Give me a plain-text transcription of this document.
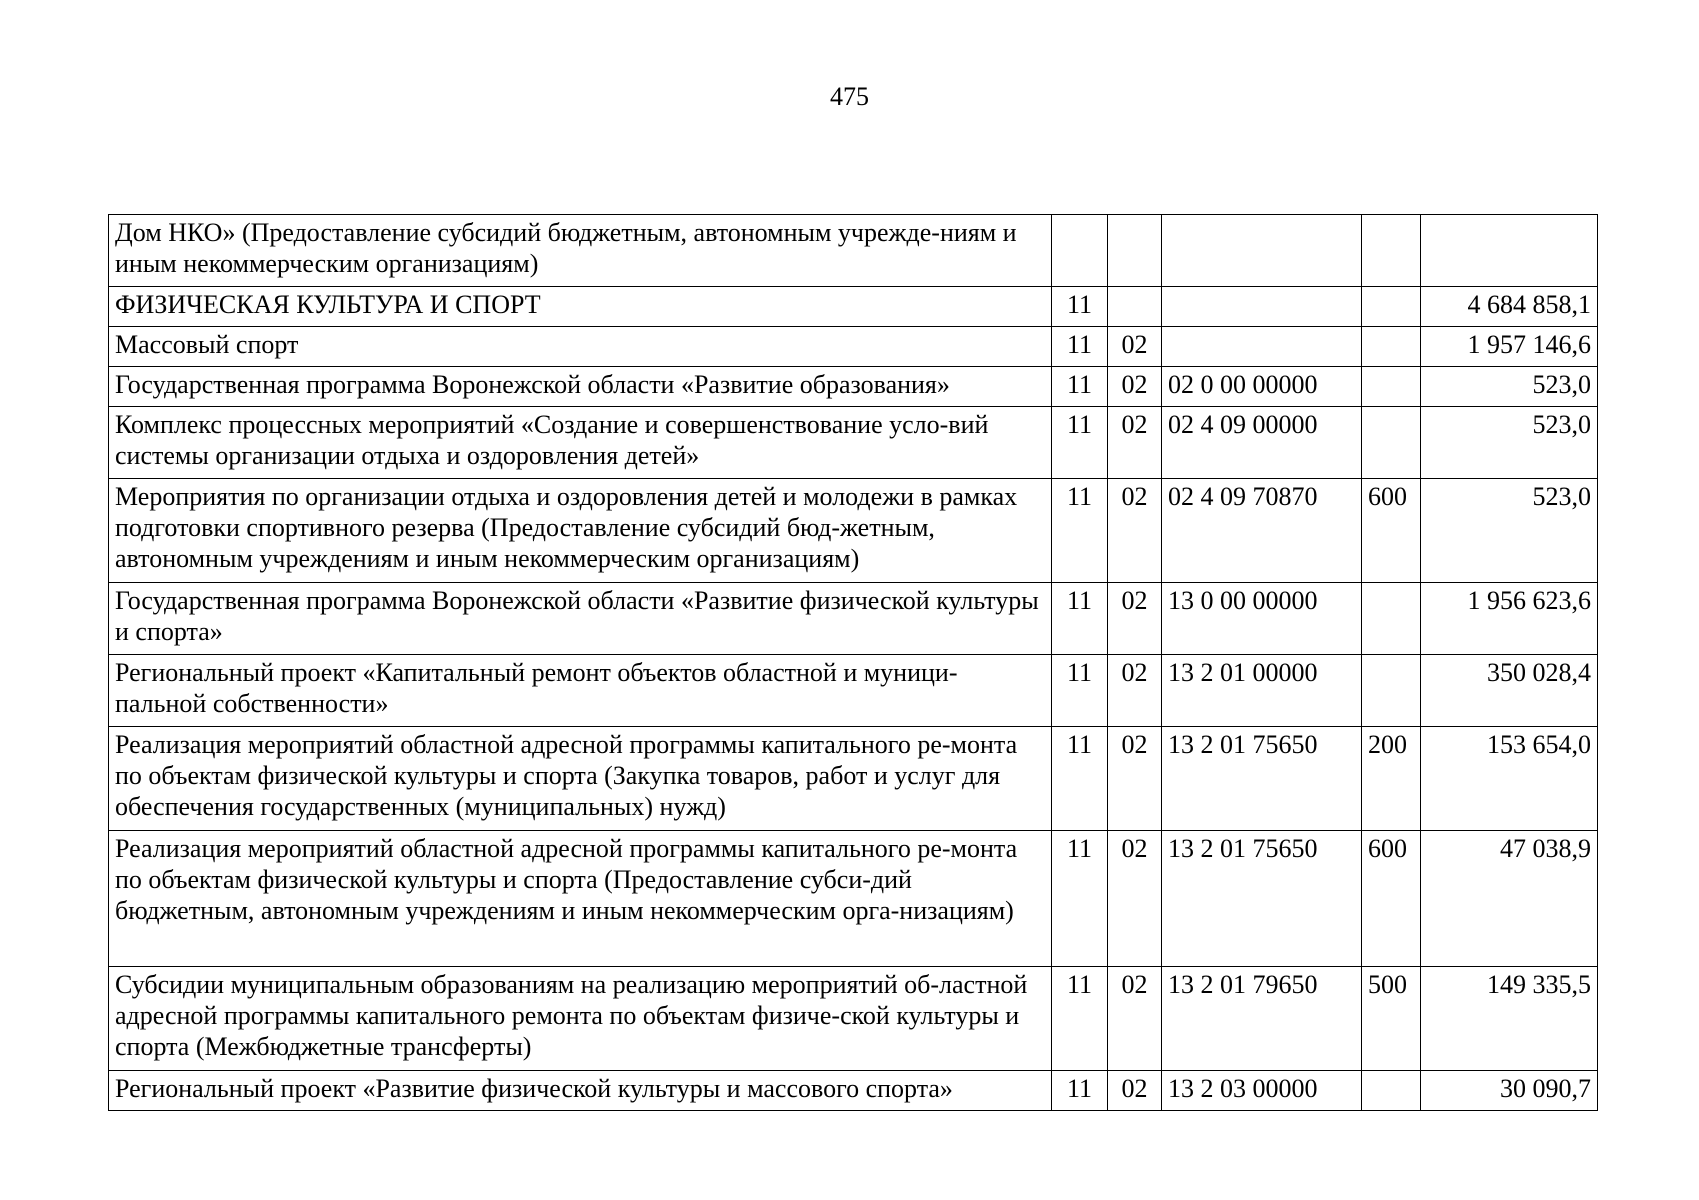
475
Дом НКО» (Предоставление субсидий бюджетным, автономным учрежде-ниям и иным некоммерческим организациям)					
ФИЗИЧЕСКАЯ КУЛЬТУРА И СПОРТ	11				4 684 858,1
Массовый спорт	11	02			1 957 146,6
Государственная программа Воронежской области «Развитие образования»	11	02	02 0 00 00000		523,0
Комплекс процессных мероприятий «Создание и совершенствование усло-вий системы организации отдыха и оздоровления детей»	11	02	02 4 09 00000		523,0
Мероприятия по организации отдыха и оздоровления детей и молодежи в рамках подготовки спортивного резерва (Предоставление субсидий бюд-жетным, автономным учреждениям и иным некоммерческим организациям)	11	02	02 4 09 70870	600	523,0
Государственная программа Воронежской области «Развитие физической культуры и спорта»	11	02	13 0 00 00000		1 956 623,6
Региональный проект «Капитальный ремонт объектов областной и муници-пальной собственности»	11	02	13 2 01 00000		350 028,4
Реализация мероприятий областной адресной программы капитального ре-монта по объектам физической культуры и спорта (Закупка товаров, работ и услуг для обеспечения государственных (муниципальных) нужд)	11	02	13 2 01 75650	200	153 654,0
Реализация мероприятий областной адресной программы капитального ре-монта по объектам физической культуры и спорта (Предоставление субси-дий бюджетным, автономным учреждениям и иным некоммерческим орга-низациям)	11	02	13 2 01 75650	600	47 038,9
Субсидии муниципальным образованиям на реализацию мероприятий об-ластной адресной программы капитального ремонта по объектам физиче-ской культуры и спорта (Межбюджетные трансферты)	11	02	13 2 01 79650	500	149 335,5
Региональный проект «Развитие физической культуры и массового спорта»	11	02	13 2 03 00000		30 090,7
